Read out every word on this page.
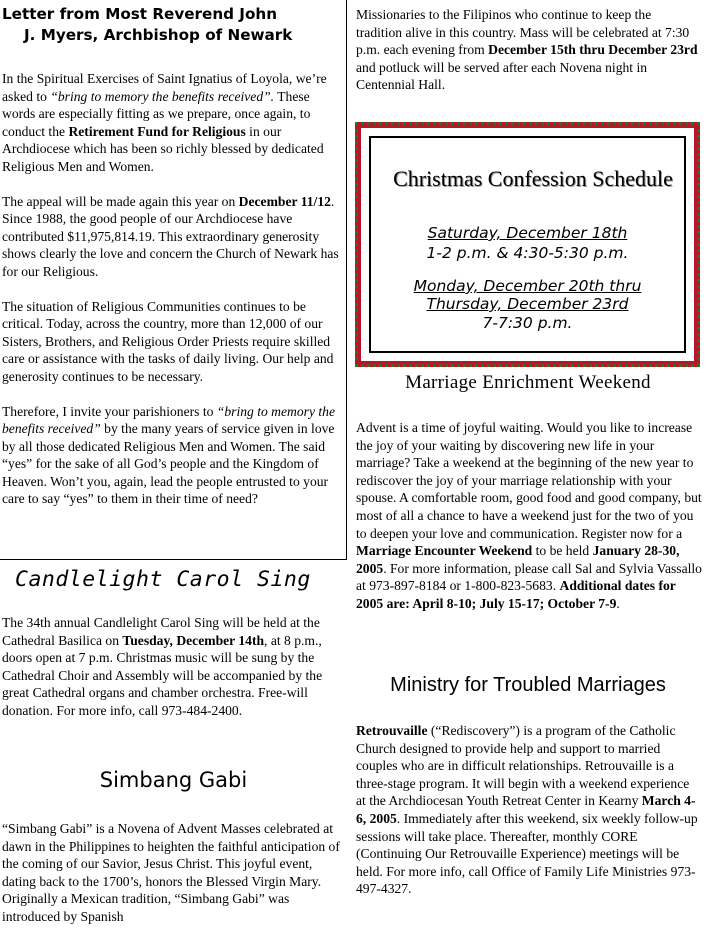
Letter from Most Reverend John
J. Myers, Archbishop of Newark

In the Spiritual Exercises of Saint Ignatius of Loyola, we’re asked to “bring to memory the benefits received”. These words are especially fitting as we prepare, once again, to conduct the Retirement Fund for Religious in our Archdiocese which has been so richly blessed by dedicated Religious Men and Women.

The appeal will be made again this year on December 11/12. Since 1988, the good people of our Archdiocese have contributed $11,975,814.19. This extraordinary generosity shows clearly the love and concern the Church of Newark has for our Religious.

The situation of Religious Communities continues to be critical. Today, across the country, more than 12,000 of our Sisters, Brothers, and Religious Order Priests require skilled care or assistance with the tasks of daily living. Our help and generosity continues to be necessary.

Therefore, I invite your parishioners to “bring to memory the benefits received” by the many years of service given in love by all those dedicated Religious Men and Women. The said “yes” for the sake of all God’s people and the Kingdom of Heaven. Won’t you, again, lead the people entrusted to your care to say “yes” to them in their time of need?

Candlelight Carol Sing

The 34th annual Candlelight Carol Sing will be held at the Cathedral Basilica on Tuesday, December 14th, at 8 p.m., doors open at 7 p.m. Christmas music will be sung by the Cathedral Choir and Assembly will be accompanied by the great Cathedral organs and chamber orchestra. Free-will donation. For more info, call 973-484-2400.

Simbang Gabi

“Simbang Gabi” is a Novena of Advent Masses celebrated at dawn in the Philippines to heighten the faithful anticipation of the coming of our Savior, Jesus Christ. This joyful event, dating back to the 1700’s, honors the Blessed Virgin Mary. Originally a Mexican tradition, “Simbang Gabi” was introduced by Spanish

Missionaries to the Filipinos who continue to keep the tradition alive in this country. Mass will be celebrated at 7:30 p.m. each evening from December 15th thru December 23rd and potluck will be served after each Novena night in Centennial Hall.

Christmas Confession Schedule
Saturday, December 18th
1-2 p.m. & 4:30-5:30 p.m.
Monday, December 20th thru
Thursday, December 23rd
7-7:30 p.m.
Marriage Enrichment Weekend

Advent is a time of joyful waiting. Would you like to increase the joy of your waiting by discovering new life in your marriage? Take a weekend at the beginning of the new year to rediscover the joy of your marriage relationship with your spouse. A comfortable room, good food and good company, but most of all a chance to have a weekend just for the two of you to deepen your love and communication. Register now for a Marriage Encounter Weekend to be held January 28-30, 2005. For more information, please call Sal and Sylvia Vassallo at 973-897-8184 or 1-800-823-5683. Additional dates for 2005 are: April 8-10; July 15-17; October 7-9.

Ministry for Troubled Marriages

Retrouvaille (“Rediscovery”) is a program of the Catholic Church designed to provide help and support to married couples who are in difficult relationships. Retrouvaille is a three-stage program. It will begin with a weekend experience at the Archdiocesan Youth Retreat Center in Kearny March 4-6, 2005. Immediately after this weekend, six weekly follow-up sessions will take place. Thereafter, monthly CORE (Continuing Our Retrouvaille Experience) meetings will be held. For more info, call Office of Family Life Ministries 973-497-4327.
